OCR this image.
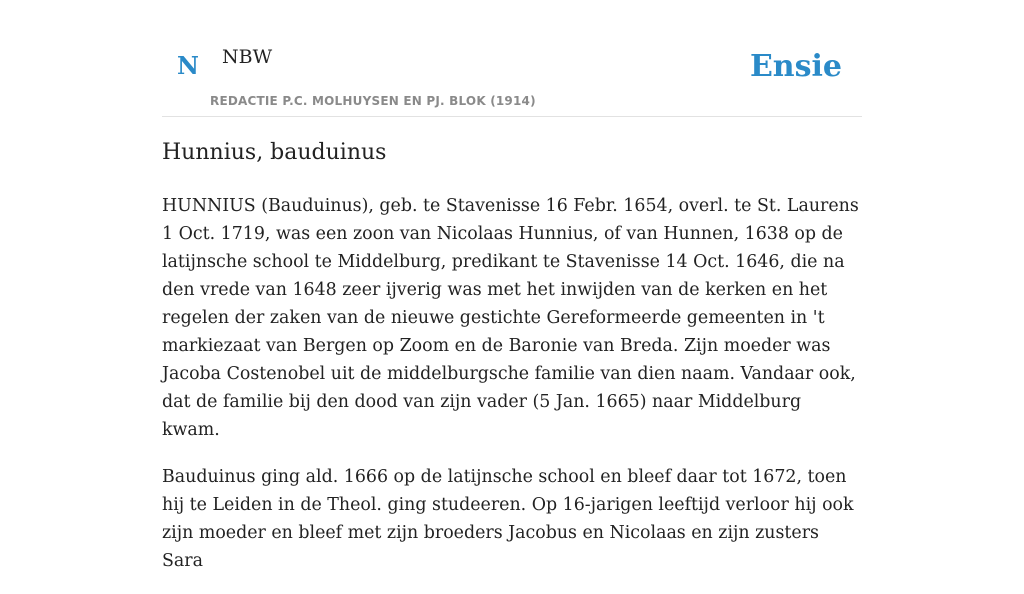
N NBW
REDACTIE P.C. MOLHUYSEN EN PJ. BLOK (1914)
Ensie
Hunnius, bauduinus

HUNNIUS (Bauduinus), geb. te Stavenisse 16 Febr. 1654, overl. te St. Laurens 1 Oct. 1719, was een zoon van Nicolaas Hunnius, of van Hunnen, 1638 op de latijnsche school te Middelburg, predikant te Stavenisse 14 Oct. 1646, die na den vrede van 1648 zeer ijverig was met het inwijden van de kerken en het regelen der zaken van de nieuwe gestichte Gereformeerde gemeenten in 't markiezaat van Bergen op Zoom en de Baronie van Breda. Zijn moeder was Jacoba Costenobel uit de middelburgsche familie van dien naam. Vandaar ook, dat de familie bij den dood van zijn vader (5 Jan. 1665) naar Middelburg kwam.

Bauduinus ging ald. 1666 op de latijnsche school en bleef daar tot 1672, toen hij te Leiden in de Theol. ging studeeren. Op 16-jarigen leeftijd verloor hij ook zijn moeder en bleef met zijn broeders Jacobus en Nicolaas en zijn zusters Sara
